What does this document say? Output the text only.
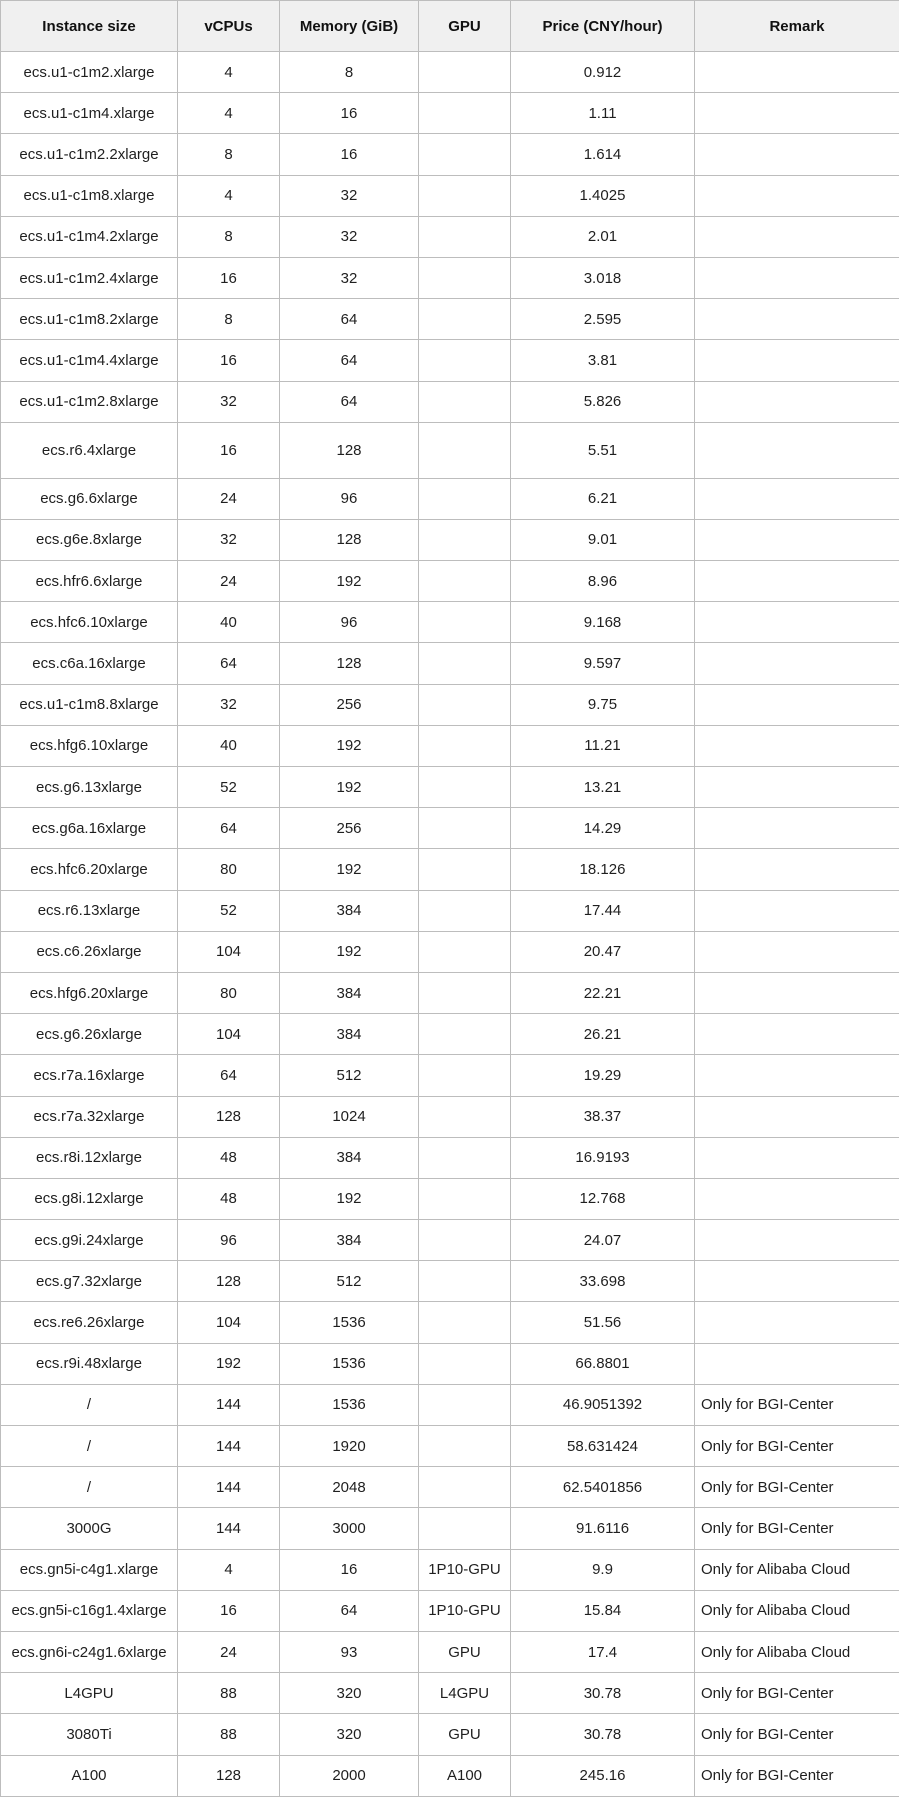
Instance size	vCPUs	Memory (GiB)	GPU	Price (CNY/hour)	Remark
ecs.u1-c1m2.xlarge	4	8		0.912	
ecs.u1-c1m4.xlarge	4	16		1.11	
ecs.u1-c1m2.2xlarge	8	16		1.614	
ecs.u1-c1m8.xlarge	4	32		1.4025	
ecs.u1-c1m4.2xlarge	8	32		2.01	
ecs.u1-c1m2.4xlarge	16	32		3.018	
ecs.u1-c1m8.2xlarge	8	64		2.595	
ecs.u1-c1m4.4xlarge	16	64		3.81	
ecs.u1-c1m2.8xlarge	32	64		5.826	
ecs.r6.4xlarge	16	128		5.51	
ecs.g6.6xlarge	24	96		6.21	
ecs.g6e.8xlarge	32	128		9.01	
ecs.hfr6.6xlarge	24	192		8.96	
ecs.hfc6.10xlarge	40	96		9.168	
ecs.c6a.16xlarge	64	128		9.597	
ecs.u1-c1m8.8xlarge	32	256		9.75	
ecs.hfg6.10xlarge	40	192		11.21	
ecs.g6.13xlarge	52	192		13.21	
ecs.g6a.16xlarge	64	256		14.29	
ecs.hfc6.20xlarge	80	192		18.126	
ecs.r6.13xlarge	52	384		17.44	
ecs.c6.26xlarge	104	192		20.47	
ecs.hfg6.20xlarge	80	384		22.21	
ecs.g6.26xlarge	104	384		26.21	
ecs.r7a.16xlarge	64	512		19.29	
ecs.r7a.32xlarge	128	1024		38.37	
ecs.r8i.12xlarge	48	384		16.9193	
ecs.g8i.12xlarge	48	192		12.768	
ecs.g9i.24xlarge	96	384		24.07	
ecs.g7.32xlarge	128	512		33.698	
ecs.re6.26xlarge	104	1536		51.56	
ecs.r9i.48xlarge	192	1536		66.8801	
/	144	1536		46.9051392	Only for BGI-Center
/	144	1920		58.631424	Only for BGI-Center
/	144	2048		62.5401856	Only for BGI-Center
3000G	144	3000		91.6116	Only for BGI-Center
ecs.gn5i-c4g1.xlarge	4	16	1P10-GPU	9.9	Only for Alibaba Cloud
ecs.gn5i-c16g1.4xlarge	16	64	1P10-GPU	15.84	Only for Alibaba Cloud
ecs.gn6i-c24g1.6xlarge	24	93	GPU	17.4	Only for Alibaba Cloud
L4GPU	88	320	L4GPU	30.78	Only for BGI-Center
3080Ti	88	320	GPU	30.78	Only for BGI-Center
A100	128	2000	A100	245.16	Only for BGI-Center
